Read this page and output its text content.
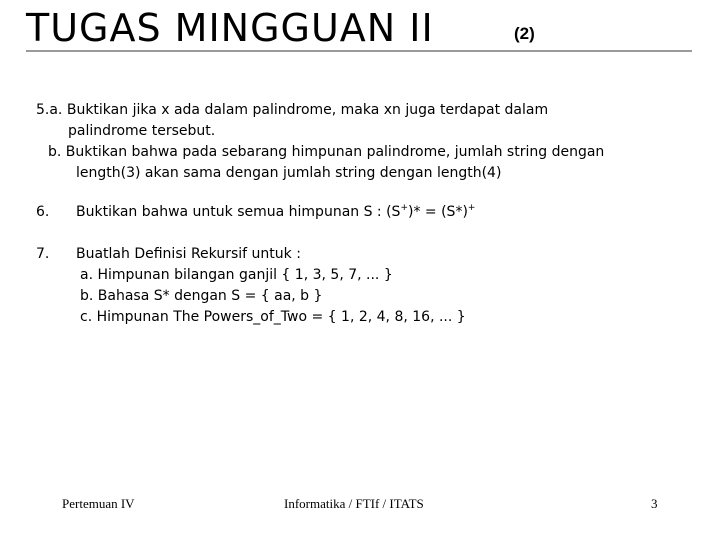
TUGAS MINGGUAN II	(2)
5.a. Buktikan jika x ada dalam palindrome, maka xn juga terdapat dalam
palindrome tersebut.
b. Buktikan bahwa pada sebarang himpunan palindrome, jumlah string dengan
length(3) akan sama dengan jumlah string dengan length(4)
6. Buktikan bahwa untuk semua himpunan S : (S+)* = (S*)+
7. Buatlah Definisi Rekursif untuk :
a. Himpunan bilangan ganjil { 1, 3, 5, 7, ... }
b. Bahasa S* dengan S = { aa, b }
c. Himpunan The Powers_of_Two = { 1, 2, 4, 8, 16, ... }
Pertemuan IV	Informatika / FTIf / ITATS	3
